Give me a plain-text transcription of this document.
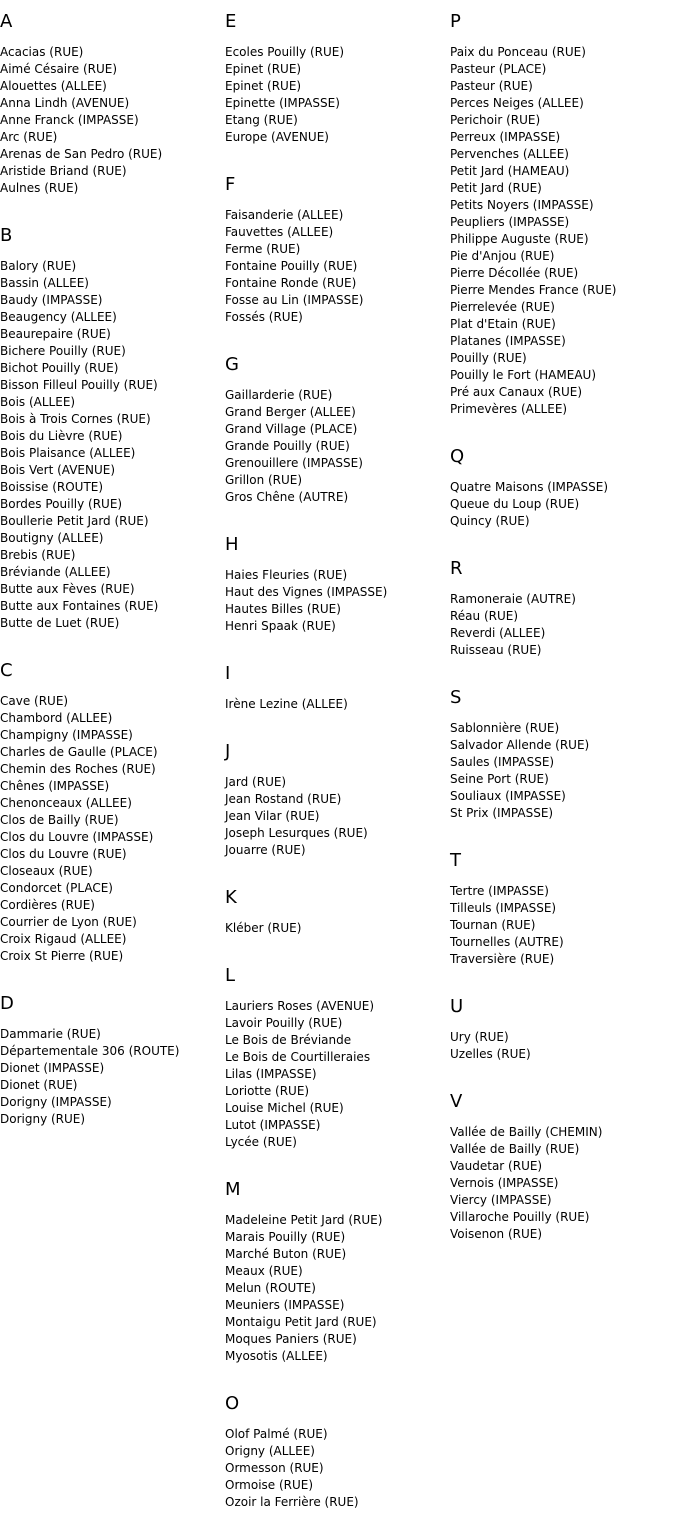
A
Acacias (RUE)
Aimé Césaire (RUE)
Alouettes (ALLEE)
Anna Lindh (AVENUE)
Anne Franck (IMPASSE)
Arc (RUE)
Arenas de San Pedro (RUE)
Aristide Briand (RUE)
Aulnes (RUE)
B
Balory (RUE)
Bassin (ALLEE)
Baudy (IMPASSE)
Beaugency (ALLEE)
Beaurepaire (RUE)
Bichere Pouilly (RUE)
Bichot Pouilly (RUE)
Bisson Filleul Pouilly (RUE)
Bois (ALLEE)
Bois à Trois Cornes (RUE)
Bois du Lièvre (RUE)
Bois Plaisance (ALLEE)
Bois Vert (AVENUE)
Boissise (ROUTE)
Bordes Pouilly (RUE)
Boullerie Petit Jard (RUE)
Boutigny (ALLEE)
Brebis (RUE)
Bréviande (ALLEE)
Butte aux Fèves (RUE)
Butte aux Fontaines (RUE)
Butte de Luet (RUE)
C
Cave (RUE)
Chambord (ALLEE)
Champigny (IMPASSE)
Charles de Gaulle (PLACE)
Chemin des Roches (RUE)
Chênes (IMPASSE)
Chenonceaux (ALLEE)
Clos de Bailly (RUE)
Clos du Louvre (IMPASSE)
Clos du Louvre (RUE)
Closeaux (RUE)
Condorcet (PLACE)
Cordières (RUE)
Courrier de Lyon (RUE)
Croix Rigaud (ALLEE)
Croix St Pierre (RUE)
D
Dammarie (RUE)
Départementale 306 (ROUTE)
Dionet (IMPASSE)
Dionet (RUE)
Dorigny (IMPASSE)
Dorigny (RUE)
E
Ecoles Pouilly (RUE)
Epinet (RUE)
Epinet (RUE)
Epinette (IMPASSE)
Etang (RUE)
Europe (AVENUE)
F
Faisanderie (ALLEE)
Fauvettes (ALLEE)
Ferme (RUE)
Fontaine Pouilly (RUE)
Fontaine Ronde (RUE)
Fosse au Lin (IMPASSE)
Fossés (RUE)
G
Gaillarderie (RUE)
Grand Berger (ALLEE)
Grand Village (PLACE)
Grande Pouilly (RUE)
Grenouillere (IMPASSE)
Grillon (RUE)
Gros Chêne (AUTRE)
H
Haies Fleuries (RUE)
Haut des Vignes (IMPASSE)
Hautes Billes (RUE)
Henri Spaak (RUE)
I
Irène Lezine (ALLEE)
J
Jard (RUE)
Jean Rostand (RUE)
Jean Vilar (RUE)
Joseph Lesurques (RUE)
Jouarre (RUE)
K
Kléber (RUE)
L
Lauriers Roses (AVENUE)
Lavoir Pouilly (RUE)
Le Bois de Bréviande
Le Bois de Courtilleraies
Lilas (IMPASSE)
Loriotte (RUE)
Louise Michel (RUE)
Lutot (IMPASSE)
Lycée (RUE)
M
Madeleine Petit Jard (RUE)
Marais Pouilly (RUE)
Marché Buton (RUE)
Meaux (RUE)
Melun (ROUTE)
Meuniers (IMPASSE)
Montaigu Petit Jard (RUE)
Moques Paniers (RUE)
Myosotis (ALLEE)
O
Olof Palmé (RUE)
Origny (ALLEE)
Ormesson (RUE)
Ormoise (RUE)
Ozoir la Ferrière (RUE)
P
Paix du Ponceau (RUE)
Pasteur (PLACE)
Pasteur (RUE)
Perces Neiges (ALLEE)
Perichoir (RUE)
Perreux (IMPASSE)
Pervenches (ALLEE)
Petit Jard (HAMEAU)
Petit Jard (RUE)
Petits Noyers (IMPASSE)
Peupliers (IMPASSE)
Philippe Auguste (RUE)
Pie d'Anjou (RUE)
Pierre Décollée (RUE)
Pierre Mendes France (RUE)
Pierrelevée (RUE)
Plat d'Etain (RUE)
Platanes (IMPASSE)
Pouilly (RUE)
Pouilly le Fort (HAMEAU)
Pré aux Canaux (RUE)
Primevères (ALLEE)
Q
Quatre Maisons (IMPASSE)
Queue du Loup (RUE)
Quincy (RUE)
R
Ramoneraie (AUTRE)
Réau (RUE)
Reverdi (ALLEE)
Ruisseau (RUE)
S
Sablonnière (RUE)
Salvador Allende (RUE)
Saules (IMPASSE)
Seine Port (RUE)
Souliaux (IMPASSE)
St Prix (IMPASSE)
T
Tertre (IMPASSE)
Tilleuls (IMPASSE)
Tournan (RUE)
Tournelles (AUTRE)
Traversière (RUE)
U
Ury (RUE)
Uzelles (RUE)
V
Vallée de Bailly (CHEMIN)
Vallée de Bailly (RUE)
Vaudetar (RUE)
Vernois (IMPASSE)
Viercy (IMPASSE)
Villaroche Pouilly (RUE)
Voisenon (RUE)
